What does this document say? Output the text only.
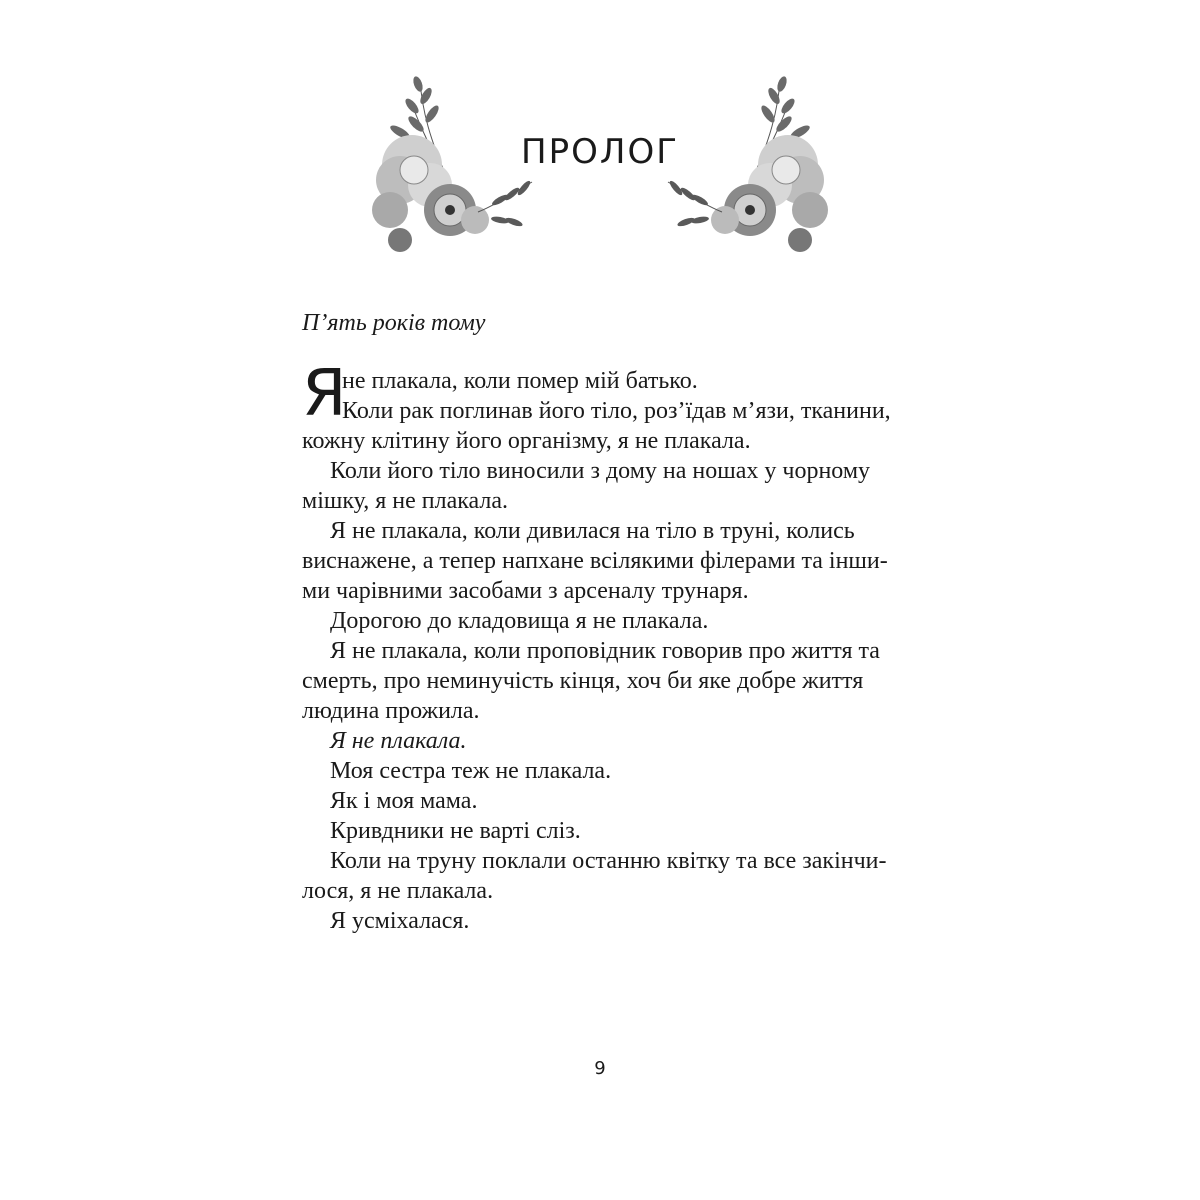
ПРОЛОГ
П’ять років тому
Я
не плакала, коли помер мій батько.
Коли рак поглинав його тіло, роз’їдав м’язи, тканини,
кожну клітину його організму, я не плакала.
Коли його тіло виносили з дому на ношах у чорному
мішку, я не плакала.
Я не плакала, коли дивилася на тіло в труні, колись
виснажене, а тепер напхане всілякими філерами та інши-
ми чарівними засобами з арсеналу трунаря.
Дорогою до кладовища я не плакала.
Я не плакала, коли проповідник говорив про життя та
смерть, про неминучість кінця, хоч би яке добре життя
людина прожила.
Я не плакала.
Моя сестра теж не плакала.
Як і моя мама.
Кривдники не варті сліз.
Коли на труну поклали останню квітку та все закінчи-
лося, я не плакала.
Я усміхалася.
9
